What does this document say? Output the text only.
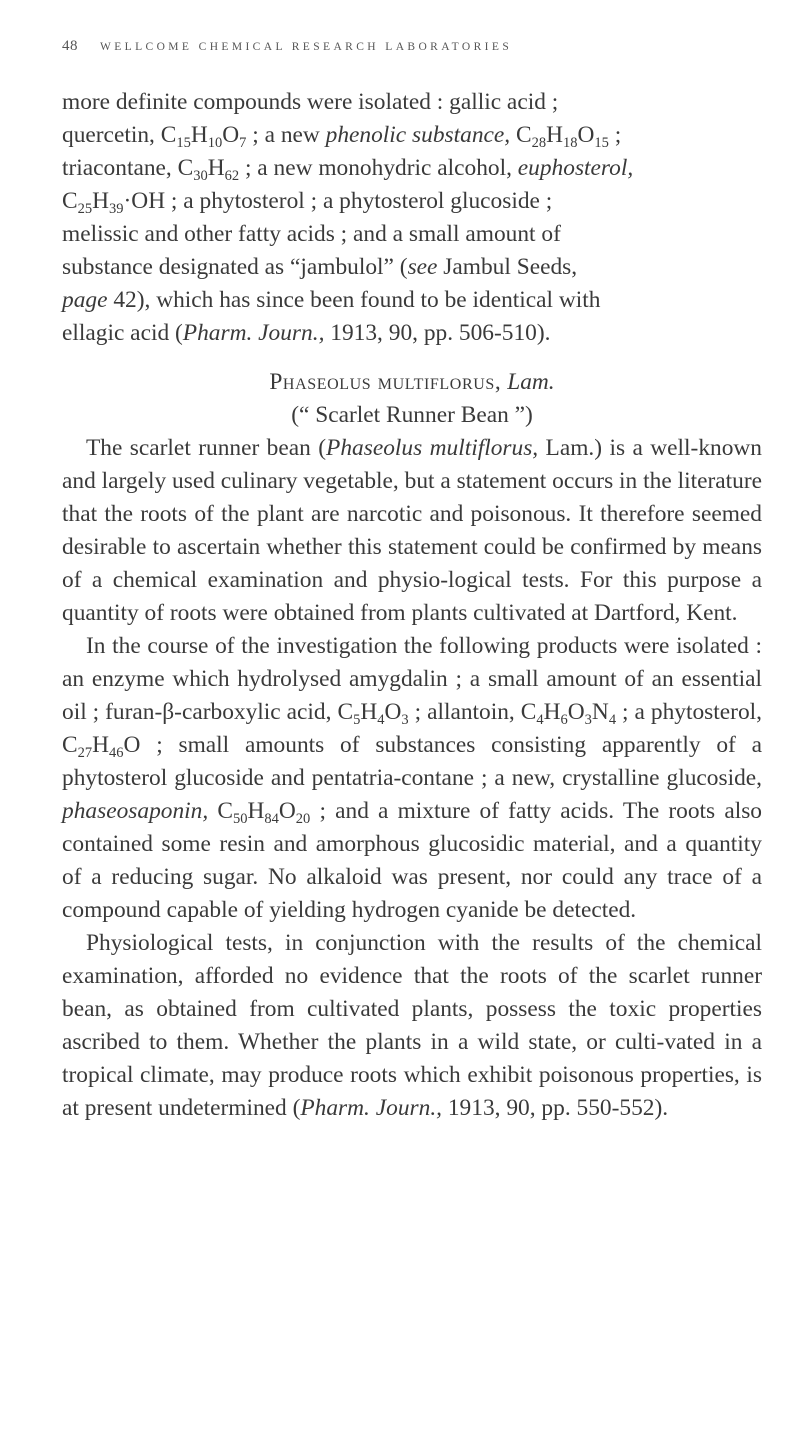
48 WELLCOME CHEMICAL RESEARCH LABORATORIES

more definite compounds were isolated : gallic acid ;

quercetin, $C_{15}H_{10}O_7$ ; a new phenolic substance, $C_{28}H_{18}O_{15}$ ;

triacontane, $C_{30}H_{62}$ ; a new monohydric alcohol, euphosterol,

$C_{25}H_{39}\cdot OH$ ; a phytosterol ; a phytosterol glucoside ;

melissic and other fatty acids ; and a small amount of

substance designated as “jambulol” (see Jambul Seeds,

page 42), which has since been found to be identical with

ellagic acid (Pharm. Journ., 1913, 90, pp. 506-510).

Phaseolus multiflorus, Lam.

(“ Scarlet Runner Bean ”)

The scarlet runner bean (Phaseolus multiflorus, Lam.) is a well-known and largely used culinary vegetable, but a statement occurs in the literature that the roots of the plant are narcotic and poisonous. It therefore seemed desirable to ascertain whether this statement could be confirmed by means of a chemical examination and physio-logical tests. For this purpose a quantity of roots were obtained from plants cultivated at Dartford, Kent.

In the course of the investigation the following products were isolated : an enzyme which hydrolysed amygdalin ; a small amount of an essential oil ; furan-β-carboxylic acid, $C_5H_4O_3$ ; allantoin, $C_4H_6O_3N_4$ ; a phytosterol, $C_{27}H_{46}O$ ; small amounts of substances consisting apparently of a phytosterol glucoside and pentatria-contane ; a new, crystalline glucoside, phaseosaponin, $C_{50}H_{84}O_{20}$ ; and a mixture of fatty acids. The roots also contained some resin and amorphous glucosidic material, and a quantity of a reducing sugar. No alkaloid was present, nor could any trace of a compound capable of yielding hydrogen cyanide be detected.

Physiological tests, in conjunction with the results of the chemical examination, afforded no evidence that the roots of the scarlet runner bean, as obtained from cultivated plants, possess the toxic properties ascribed to them. Whether the plants in a wild state, or culti-vated in a tropical climate, may produce roots which exhibit poisonous properties, is at present undetermined (Pharm. Journ., 1913, 90, pp. 550-552).
